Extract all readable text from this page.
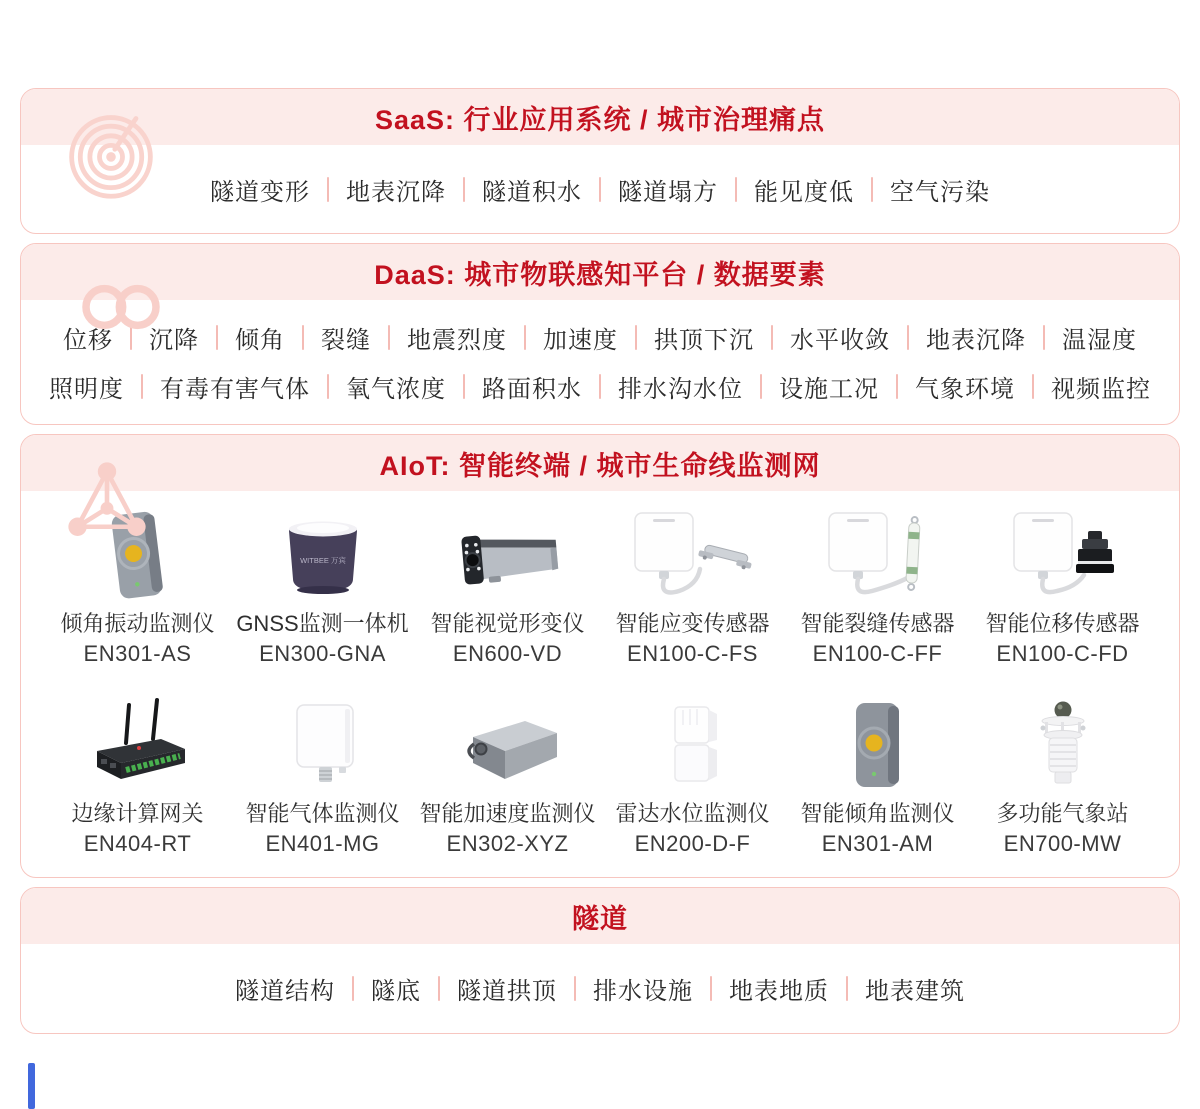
SaaS: 行业应用系统 / 城市治理痛点
隧道变形 地表沉降 隧道积水 隧道塌方 能见度低 空气污染
DaaS: 城市物联感知平台 / 数据要素
位移 沉降 倾角 裂缝 地震烈度 加速度 拱顶下沉 水平收敛 地表沉降 温湿度
照明度 有毒有害气体 氧气浓度 路面积水 排水沟水位 设施工况 气象环境 视频监控
AIoT: 智能终端 / 城市生命线监测网
倾角振动监测仪
EN301-AS
WITBEE 万宾
GNSS监测一体机
EN300-GNA
智能视觉形变仪
EN600-VD
智能应变传感器
EN100-C-FS
智能裂缝传感器
EN100-C-FF
智能位移传感器
EN100-C-FD
边缘计算网关
EN404-RT
智能气体监测仪
EN401-MG
智能加速度监测仪
EN302-XYZ
雷达水位监测仪
EN200-D-F
智能倾角监测仪
EN301-AM
多功能气象站
EN700-MW
隧道
隧道结构 隧底 隧道拱顶 排水设施 地表地质 地表建筑
